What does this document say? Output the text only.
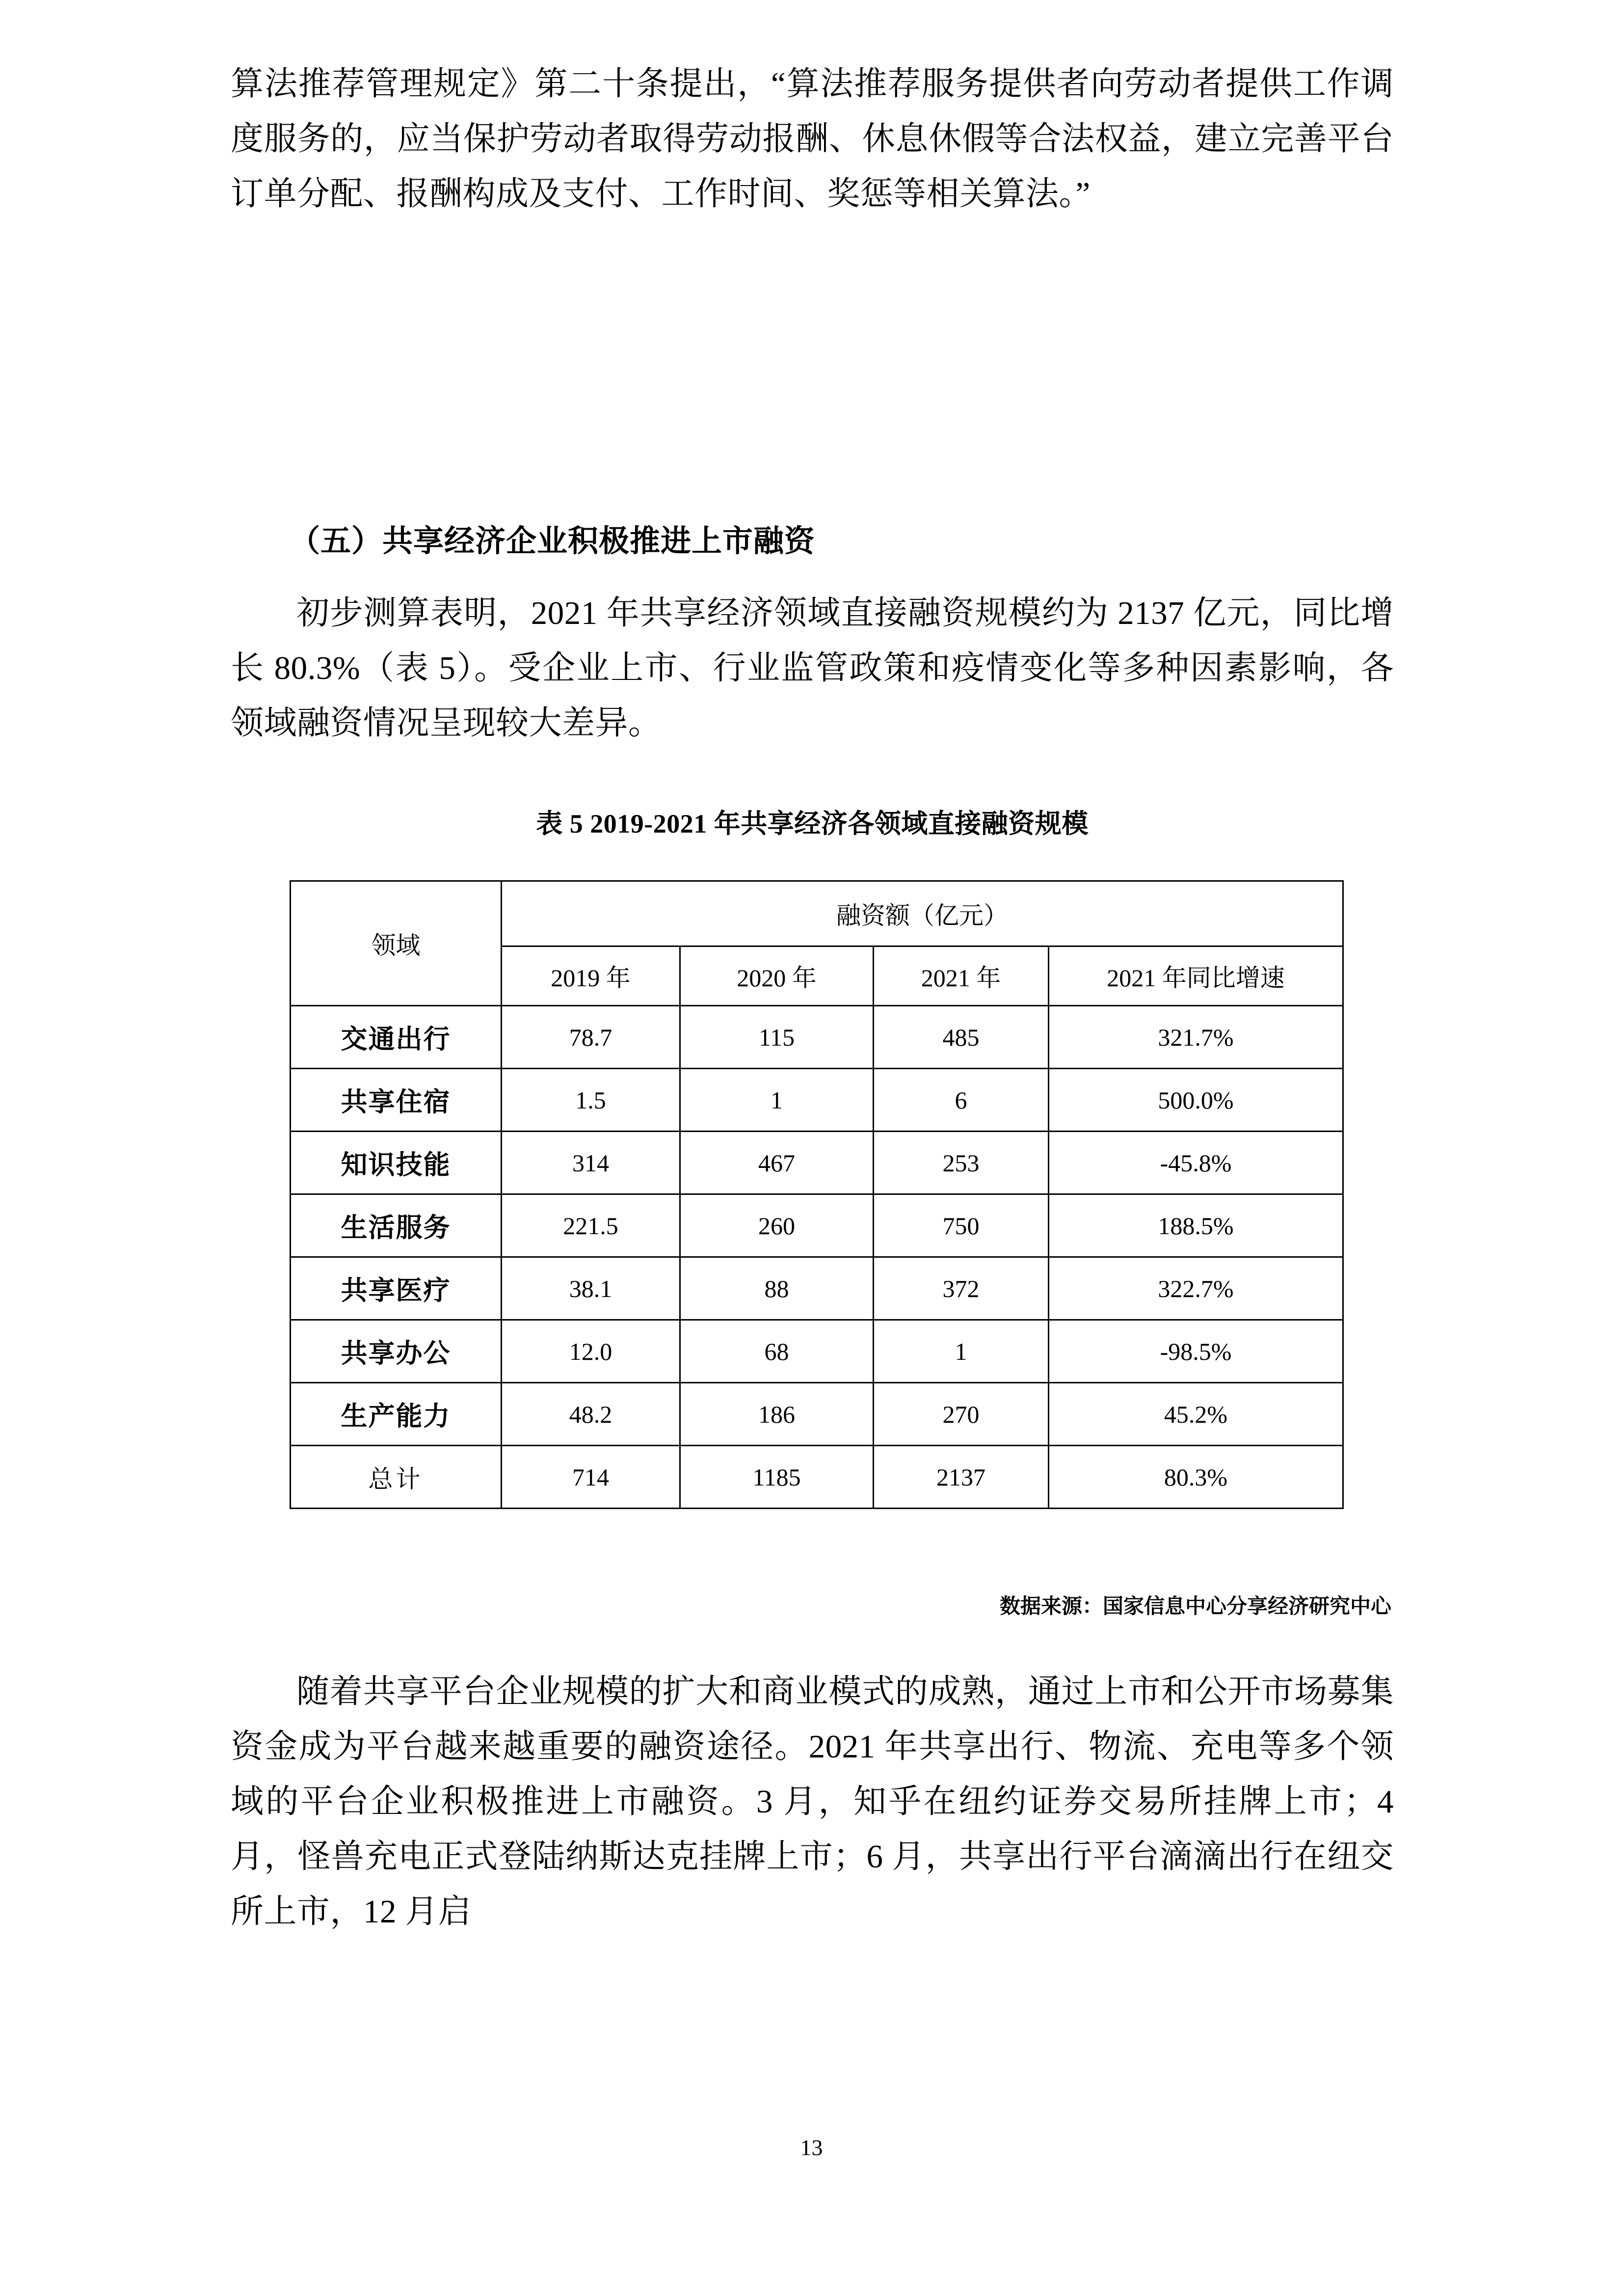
算法推荐管理规定》第二十条提出，“算法推荐服务提供者向劳动者提供工作调度服务的，应当保护劳动者取得劳动报酬、休息休假等合法权益，建立完善平台订单分配、报酬构成及支付、工作时间、奖惩等相关算法。”

（五）共享经济企业积极推进上市融资

初步测算表明，2021 年共享经济领域直接融资规模约为 2137 亿元，同比增长 80.3%（表 5）。受企业上市、行业监管政策和疫情变化等多种因素影响，各领域融资情况呈现较大差异。

表 5 2019-2021 年共享经济各领域直接融资规模

随着共享平台企业规模的扩大和商业模式的成熟，通过上市和公开市场募集资金成为平台越来越重要的融资途径。2021 年共享出行、物流、充电等多个领域的平台企业积极推进上市融资。3 月，知乎在纽约证券交易所挂牌上市；4 月，怪兽充电正式登陆纳斯达克挂牌上市；6 月，共享出行平台滴滴出行在纽交所上市，12 月启

领域	融资额（亿元）			
	2019 年	2020 年	2021 年	2021 年同比增速
交通出行	78.7	115	485	321.7%
共享住宿	1.5	1	6	500.0%
知识技能	314	467	253	-45.8%
生活服务	221.5	260	750	188.5%
共享医疗	38.1	88	372	322.7%
共享办公	12.0	68	1	-98.5%
生产能力	48.2	186	270	45.2%
总计	714	1185	2137	80.3%
数据来源：国家信息中心分享经济研究中心
13
